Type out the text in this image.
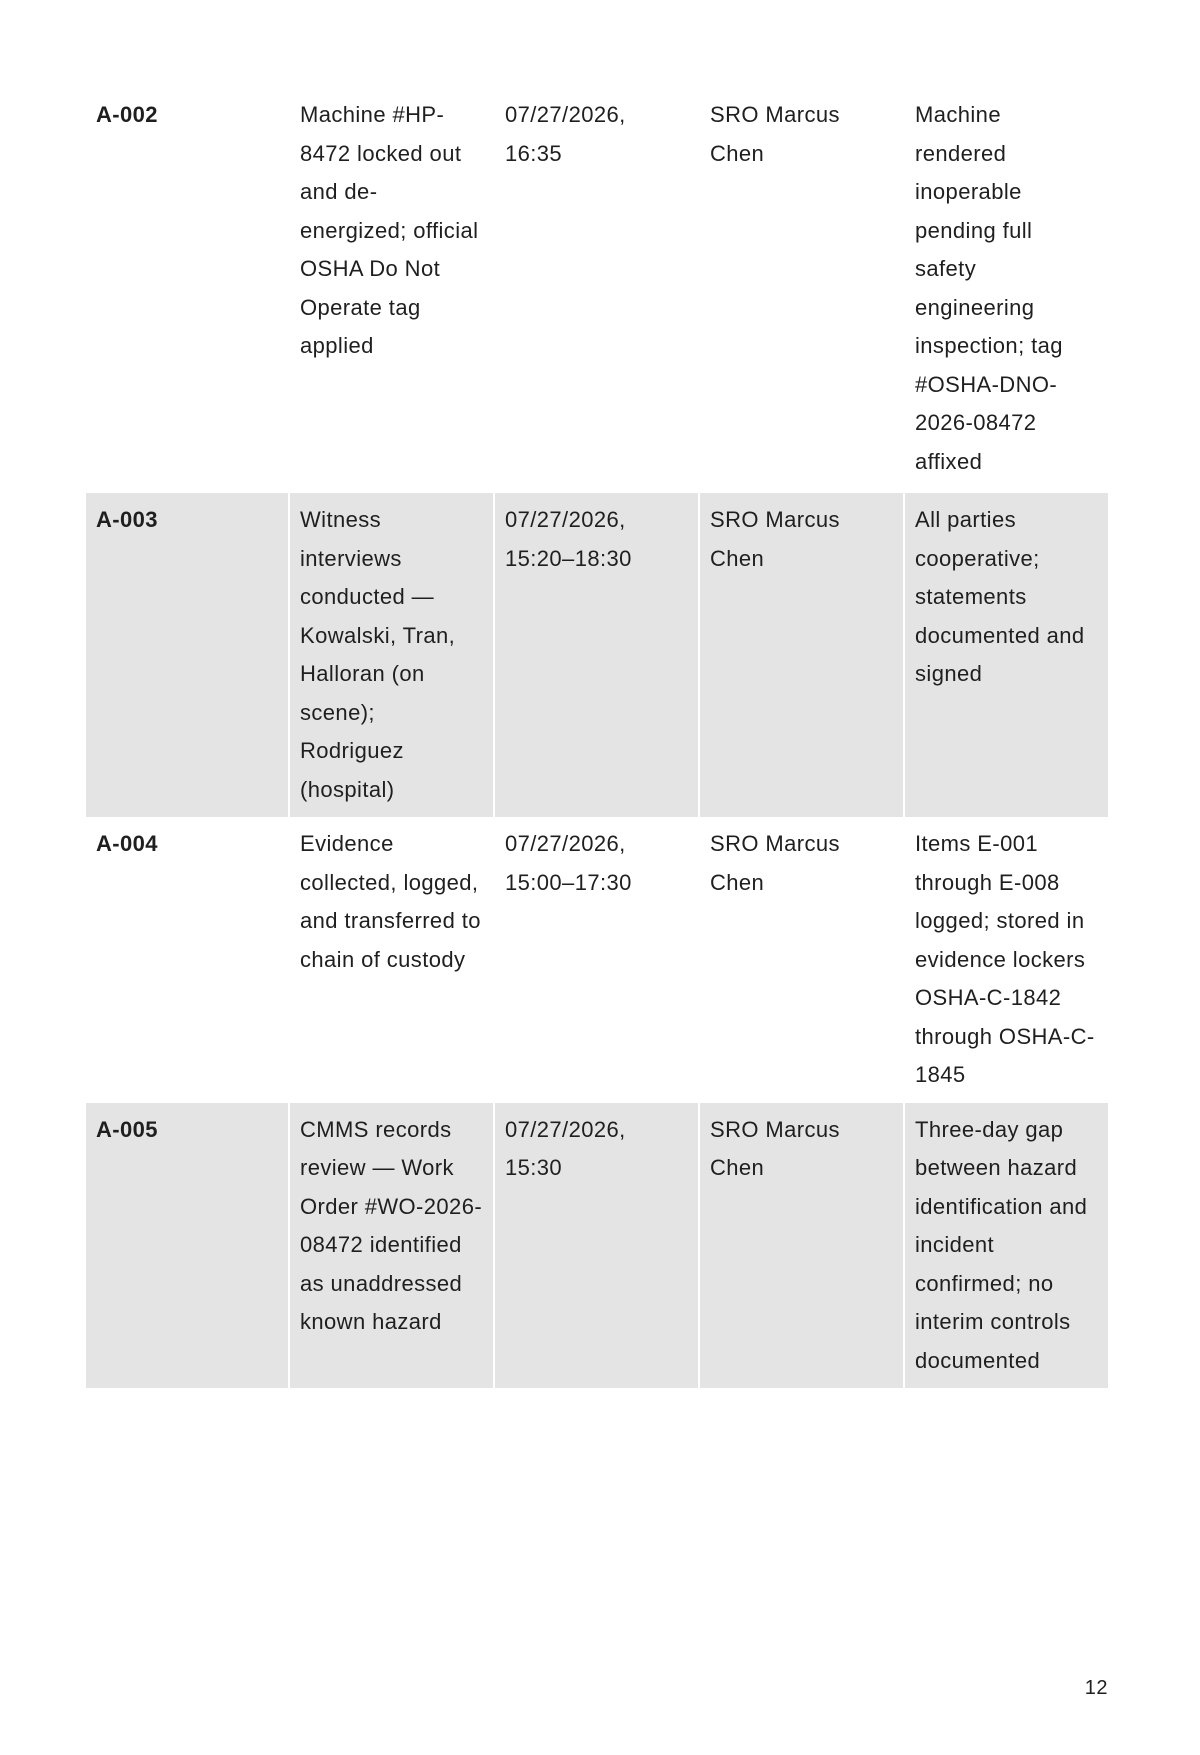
A-002	Machine #HP-8472 locked out and de-energized; official OSHA Do Not Operate tag applied	07/27/2026, 16:35	SRO Marcus Chen	Machine rendered inoperable pending full safety engineering inspection; tag #OSHA-DNO-2026-08472 affixed
A-003	Witness interviews conducted — Kowalski, Tran, Halloran (on scene); Rodriguez (hospital)	07/27/2026, 15:20–18:30	SRO Marcus Chen	All parties cooperative; statements documented and signed
A-004	Evidence collected, logged, and transferred to chain of custody	07/27/2026, 15:00–17:30	SRO Marcus Chen	Items E-001 through E-008 logged; stored in evidence lockers OSHA-C-1842 through OSHA-C-1845
A-005	CMMS records review — Work Order #WO-2026-08472 identified as unaddressed known hazard	07/27/2026, 15:30	SRO Marcus Chen	Three-day gap between hazard identification and incident confirmed; no interim controls documented
12
